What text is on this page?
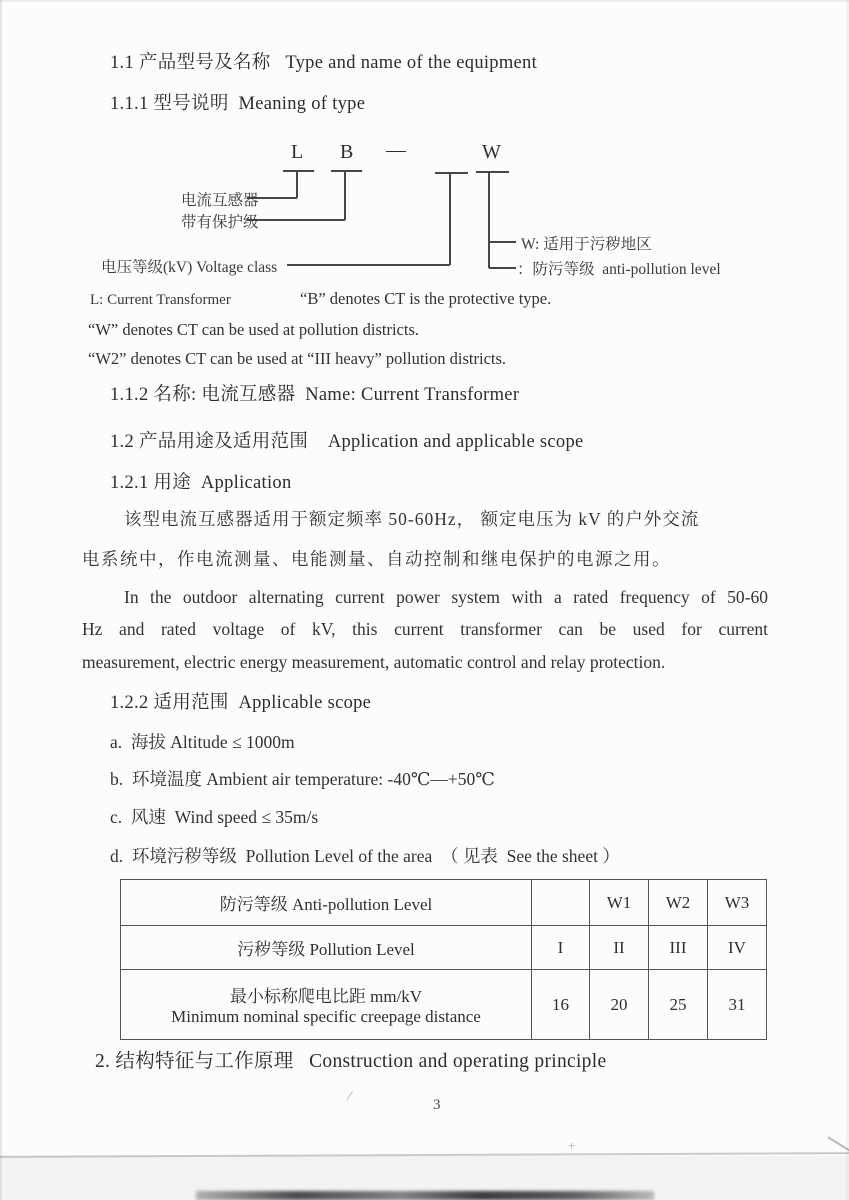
1.1 产品型号及名称   Type and name of the equipment
1.1.1 型号说明  Meaning of type
L B —	W
电流互感器
带有保护级
电压等级(kV) Voltage class
W: 适用于污秽地区
：防污等级  anti-pollution level
L: Current Transformer	“B” denotes CT is the protective type.
“W” denotes CT can be used at pollution districts.
“W2” denotes CT can be used at “III heavy” pollution districts.
1.1.2 名称: 电流互感器  Name: Current Transformer
1.2 产品用途及适用范围    Application and applicable scope
1.2.1 用途  Application
该型电流互感器适用于额定频率 50-60Hz， 额定电压为 kV 的户外交流
电系统中，作电流测量、电能测量、自动控制和继电保护的电源之用。
In the outdoor alternating current power system with a rated frequency of 50-60
Hz and rated voltage of kV, this current transformer can be used for current
measurement, electric energy measurement, automatic control and relay protection.
1.2.2 适用范围  Applicable scope
a.  海拔 Altitude ≤ 1000m
b.  环境温度 Ambient air temperature: -40℃—+50℃
c.  风速  Wind speed ≤ 35m/s
d.  环境污秽等级  Pollution Level of the area  （ 见表  See the sheet ）
防污等级 Anti-pollution Level		W1	W2	W3
污秽等级 Pollution Level	I	II	III	IV

最小标称爬电比距 mm/kV
Minimum nominal specific creepage distance	16	20	25	31
2. 结构特征与工作原理   Construction and operating principle
3
/
+
